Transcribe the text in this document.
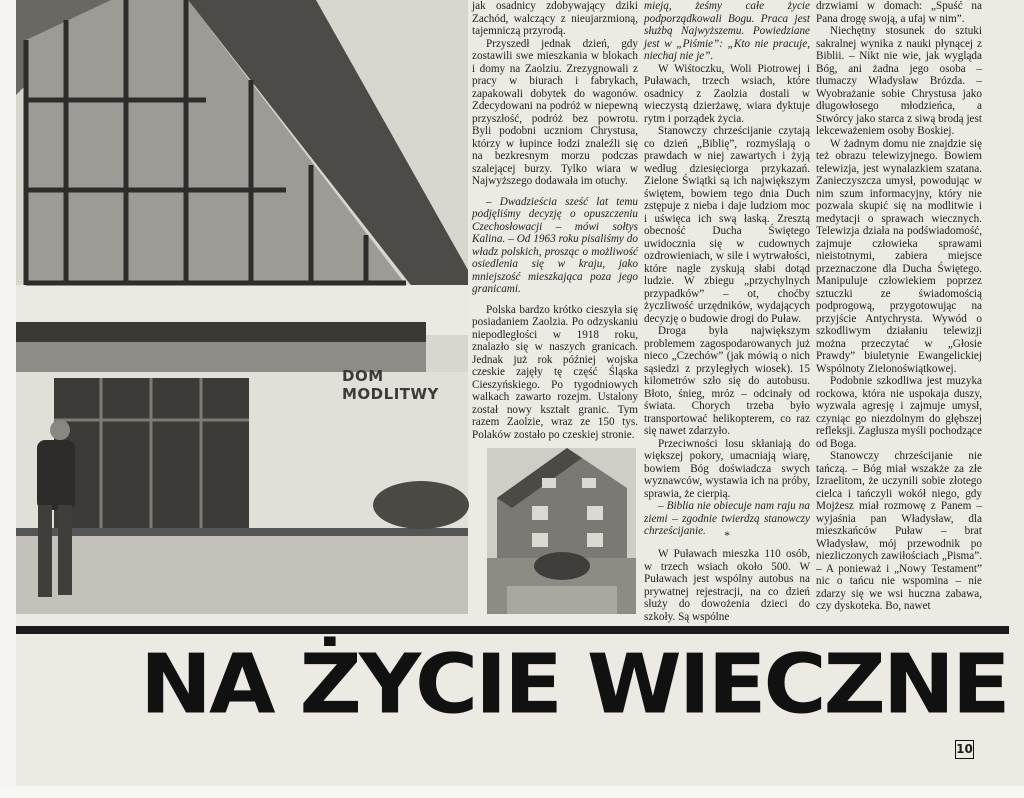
DOM
MODLITWY

jak osadnicy zdobywający dziki Zachód, walczący z nieujarzmioną, tajemniczą przyrodą.

Przyszedł jednak dzień, gdy zostawili swe mieszkania w blokach i domy na Zaolziu. Zrezygnowali z pracy w biurach i fabrykach, zapakowali dobytek do wagonów. Zdecydowani na podróż w niepewną przyszłość, podróż bez powrotu. Byli podobni uczniom Chrystusa, którzy w łupince łodzi znaleźli się na bezkresnym morzu podczas szalejącej burzy. Tylko wiara w Najwyższego dodawała im otuchy.

– Dwadzieścia sześć lat temu podjęliśmy decyzję o opuszczeniu Czechosłowacji – mówi sołtys Kalina. – Od 1963 roku pisaliśmy do władz polskich, prosząc o możliwość osiedlenia się w kraju, jako mniejszość mieszkająca poza jego granicami.

Polska bardzo krótko cieszyła się posiadaniem Zaolzia. Po odzyskaniu niepodległości w 1918 roku, znalazło się w naszych granicach. Jednak już rok później wojska czeskie zajęły tę część Śląska Cieszyńskiego. Po tygodniowych walkach zawarto rozejm. Ustalony został nowy kształt granic. Tym razem Zaolzie, wraz ze 150 tys. Polaków zostało po czeskiej stronie.

mieją, żeśmy całe życie podporządkowali Bogu. Praca jest służbą Najwyższemu. Powiedziane jest w „Piśmie”: „Kto nie pracuje, niechaj nie je”.

W Wiśtoczku, Woli Piotrowej i Puławach, trzech wsiach, które osadnicy z Zaolzia dostali w wieczystą dzierżawę, wiara dyktuje rytm i porządek życia.

Stanowczy chrześcijanie czytają co dzień „Biblię”, rozmyślają o prawdach w niej zawartych i żyją według dziesięciorga przykazań. Zielone Świątki są ich największym świętem, bowiem tego dnia Duch zstępuje z nieba i daje ludziom moc i uświęca ich swą łaską. Zresztą obecność Ducha Świętego uwidocznia się w cudownych ozdrowieniach, w sile i wytrwałości, które nagle zyskują słabi dotąd ludzie. W zbiegu „przychylnych przypadków” – ot, choćby życzliwość urzędników, wydających decyzję o budowie drogi do Puław.

Droga była największym problemem zagospodarowanych już nieco „Czechów” (jak mówią o nich sąsiedzi z przyległych wiosek). 15 kilometrów szło się do autobusu. Błoto, śnieg, mróz – odcinały od świata. Chorych trzeba było transportować helikopterem, co raz się nawet zdarzyło.

Przeciwności losu skłaniają do większej pokory, umacniają wiarę, bowiem Bóg doświadcza swych wyznawców, wystawia ich na próby, sprawia, że cierpią.

– Biblia nie obiecuje nam raju na ziemi – zgodnie twierdzą stanowczy chrześcijanie.	*

W Puławach mieszka 110 osób, w trzech wsiach około 500. W Puławach jest wspólny autobus na prywatnej rejestracji, na co dzień służy do dowożenia dzieci do szkoły. Są wspólne

drzwiami w domach: „Spuść na Pana drogę swoją, a ufaj w nim”.

Niechętny stosunek do sztuki sakralnej wynika z nauki płynącej z Biblii. – Nikt nie wie, jak wygląda Bóg, ani żadna jego osoba – tłumaczy Władysław Brózda. – Wyobrażanie sobie Chrystusa jako długowłosego młodzieńca, a Stwórcy jako starca z siwą brodą jest lekceważeniem osoby Boskiej.

W żadnym domu nie znajdzie się też obrazu telewizyjnego. Bowiem telewizja, jest wynalazkiem szatana. Zanieczyszcza umysł, powodując w nim szum informacyjny, który nie pozwala skupić się na modlitwie i medytacji o sprawach wiecznych. Telewizja działa na podświadomość, zajmuje człowieka sprawami nieistotnymi, zabiera miejsce przeznaczone dla Ducha Świętego. Manipuluje człowiekiem poprzez sztuczki ze świadomością podprogową, przygotowując na przyjście Antychrysta. Wywód o szkodliwym działaniu telewizji można przeczytać w „Głosie Prawdy” biuletynie Ewangelickiej Wspólnoty Zielonoświątkowej.

Podobnie szkodliwa jest muzyka rockowa, która nie uspokaja duszy, wyzwala agresję i zajmuje umysł, czyniąc go niezdolnym do głębszej refleksji. Zagłusza myśli pochodzące od Boga.

Stanowczy chrześcijanie nie tańczą. – Bóg miał wszakże za złe Izraelitom, że uczynili sobie złotego cielca i tańczyli wokół niego, gdy Mojżesz miał rozmowę z Panem – wyjaśnia pan Władysław, dla mieszkańców Puław – brat Władysław, mój przewodnik po niezliczonych zawiłościach „Pisma”. – A ponieważ i „Nowy Testament” nic o tańcu nie wspomina – nie zdarzy się we wsi huczna zabawa, czy dyskoteka. Bo, nawet

NA ŻYCIE WIECZNE
10
